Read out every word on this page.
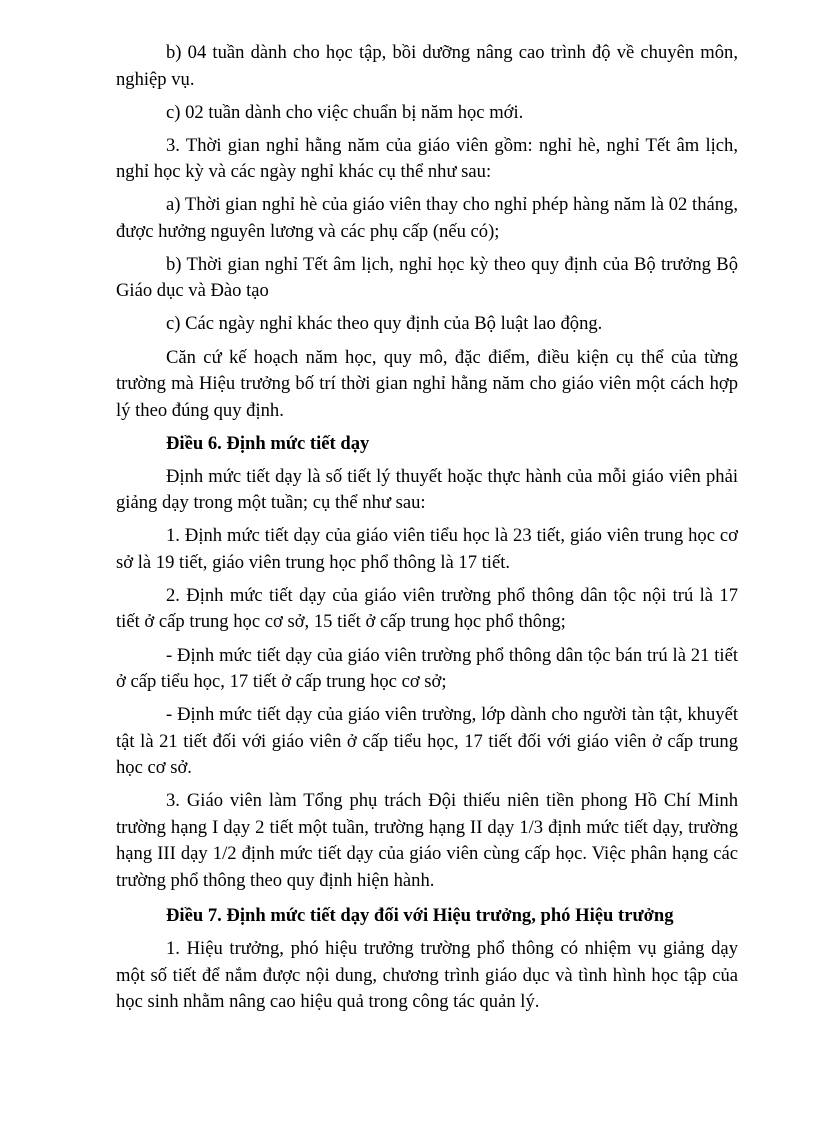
b) 04 tuần dành cho học tập, bồi dưỡng nâng cao trình độ về chuyên môn, nghiệp vụ.

c) 02 tuần dành cho việc chuẩn bị năm học mới.

3. Thời gian nghỉ hằng năm của giáo viên gồm: nghỉ hè, nghỉ Tết âm lịch, nghỉ học kỳ và các ngày nghỉ khác cụ thể như sau:

a) Thời gian nghỉ hè của giáo viên thay cho nghỉ phép hàng năm là 02 tháng, được hưởng nguyên lương và các phụ cấp (nếu có);

b) Thời gian nghỉ Tết âm lịch, nghỉ học kỳ theo quy định của Bộ trưởng Bộ Giáo dục và Đào tạo

c) Các ngày nghỉ khác theo quy định của Bộ luật lao động.

Căn cứ kế hoạch năm học, quy mô, đặc điểm, điều kiện cụ thể của từng trường mà Hiệu trưởng bố trí thời gian nghỉ hằng năm cho giáo viên một cách hợp lý theo đúng quy định.

Điều 6. Định mức tiết dạy

Định mức tiết dạy là số tiết lý thuyết hoặc thực hành của mỗi giáo viên phải giảng dạy trong một tuần; cụ thể như sau:

1. Định mức tiết dạy của giáo viên tiểu học là 23 tiết, giáo viên trung học cơ sở là 19 tiết, giáo viên trung học phổ thông là 17 tiết.

2. Định mức tiết dạy của giáo viên trường phổ thông dân tộc nội trú là 17 tiết ở cấp trung học cơ sở, 15 tiết ở cấp trung học phổ thông;

- Định mức tiết dạy của giáo viên trường phổ thông dân tộc bán trú là 21 tiết ở cấp tiểu học, 17 tiết ở cấp trung học cơ sở;

- Định mức tiết dạy của giáo viên trường, lớp dành cho người tàn tật, khuyết tật là 21 tiết đối với giáo viên ở cấp tiểu học, 17 tiết đối với giáo viên ở cấp trung học cơ sở.

3. Giáo viên làm Tổng phụ trách Đội thiếu niên tiền phong Hồ Chí Minh trường hạng I dạy 2 tiết một tuần, trường hạng II dạy 1/3 định mức tiết dạy, trường hạng III dạy 1/2 định mức tiết dạy của giáo viên cùng cấp học. Việc phân hạng các trường phổ thông theo quy định hiện hành.

Điều 7. Định mức tiết dạy đối với Hiệu trưởng, phó Hiệu trưởng

1. Hiệu trưởng, phó hiệu trưởng trường phổ thông có nhiệm vụ giảng dạy một số tiết để nắm được nội dung, chương trình giáo dục và tình hình học tập của học sinh nhằm nâng cao hiệu quả trong công tác quản lý.
